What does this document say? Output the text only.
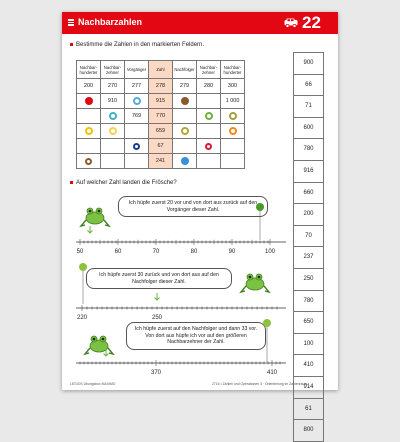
Nachbarzahlen	22
Bestimme die Zahlen in den markierten Feldern.
Nachbar-hunderter	Nachbar-zehner	Vorgänger	Zahl	Nachfolger	Nachbar-zehner	Nachbar-hunderter
200	270	277	278	279	280	300
	910		915			1 000
		769	770			
			659			
			67			
			241			
900
66
71
600
780
916
660
200
70
237
250
780
650
100
410
914
61
800
Auf welcher Zahl landen die Frösche?
Ich hüpfe zuerst 20 vor und von dort aus zurück auf den Vorgänger dieser Zahl.
50	60	70	80	90	100
Ich hüpfe zuerst 30 zurück und von dort aus auf den Nachfolger dieser Zahl.
220	250
Ich hüpfe zuerst auf den Nachfolger und dann 33 vor. Von dort aus hüpfe ich vor auf den größeren Nachbarzehner der Zahl.
370	410
LEGIOS Übungsbox MAXIMO	2716 • Zahlen und Operationen 3 · Orientierung im Zahlenraum
